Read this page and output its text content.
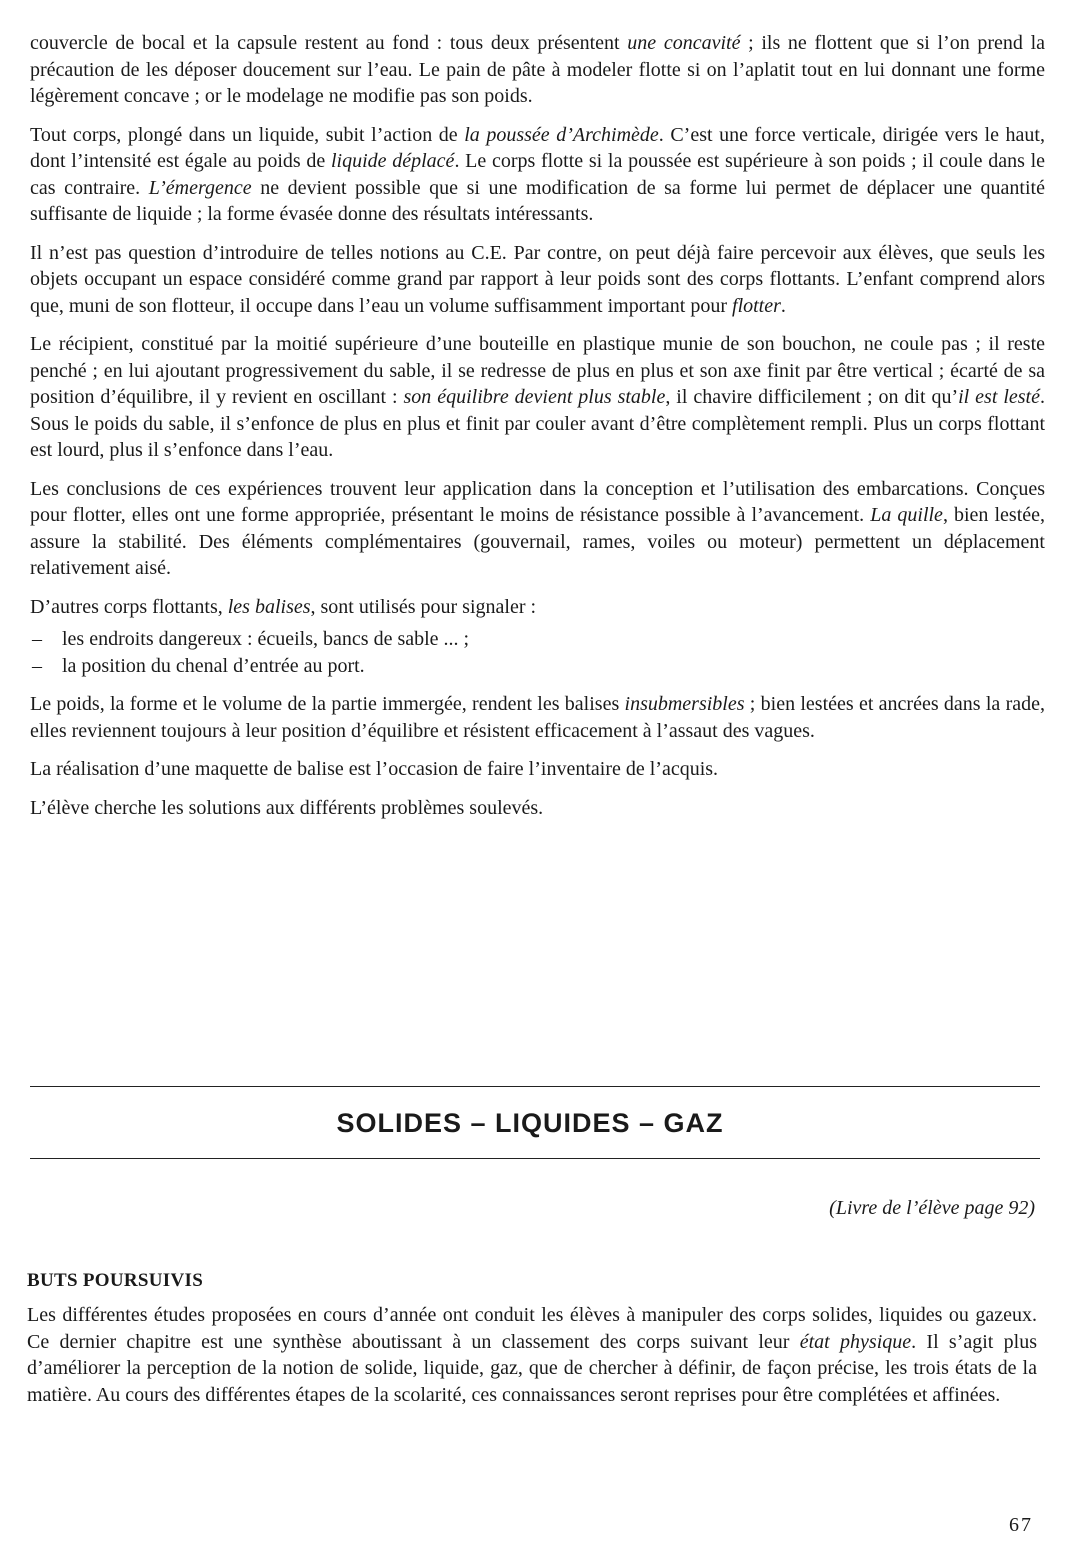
couvercle de bocal et la capsule restent au fond : tous deux présentent une concavité ; ils ne flottent que si l’on prend la précaution de les déposer doucement sur l’eau. Le pain de pâte à modeler flotte si on l’aplatit tout en lui donnant une forme légèrement concave ; or le modelage ne modifie pas son poids.

Tout corps, plongé dans un liquide, subit l’action de la poussée d’Archimède. C’est une force verticale, dirigée vers le haut, dont l’intensité est égale au poids de liquide déplacé. Le corps flotte si la poussée est supérieure à son poids ; il coule dans le cas contraire. L’émergence ne devient possible que si une modification de sa forme lui permet de déplacer une quantité suffisante de liquide ; la forme évasée donne des résultats intéressants.

Il n’est pas question d’introduire de telles notions au C.E. Par contre, on peut déjà faire percevoir aux élèves, que seuls les objets occupant un espace considéré comme grand par rapport à leur poids sont des corps flottants. L’enfant comprend alors que, muni de son flotteur, il occupe dans l’eau un volume suffisamment important pour flotter.

Le récipient, constitué par la moitié supérieure d’une bouteille en plastique munie de son bouchon, ne coule pas ; il reste penché ; en lui ajoutant progressivement du sable, il se redresse de plus en plus et son axe finit par être vertical ; écarté de sa position d’équilibre, il y revient en oscillant : son équilibre devient plus stable, il chavire difficilement ; on dit qu’il est lesté. Sous le poids du sable, il s’enfonce de plus en plus et finit par couler avant d’être complètement rempli. Plus un corps flottant est lourd, plus il s’enfonce dans l’eau.

Les conclusions de ces expériences trouvent leur application dans la conception et l’utilisation des embarcations. Conçues pour flotter, elles ont une forme appropriée, présentant le moins de résistance possible à l’avancement. La quille, bien lestée, assure la stabilité. Des éléments complémentaires (gouvernail, rames, voiles ou moteur) permettent un déplacement relativement aisé.

D’autres corps flottants, les balises, sont utilisés pour signaler :

– les endroits dangereux : écueils, bancs de sable ... ;
– la position du chenal d’entrée au port.

Le poids, la forme et le volume de la partie immergée, rendent les balises insubmersibles ; bien lestées et ancrées dans la rade, elles reviennent toujours à leur position d’équilibre et résistent efficacement à l’assaut des vagues.

La réalisation d’une maquette de balise est l’occasion de faire l’inventaire de l’acquis.

L’élève cherche les solutions aux différents problèmes soulevés.

SOLIDES – LIQUIDES – GAZ
(Livre de l’élève page 92)
BUTS POURSUIVIS

Les différentes études proposées en cours d’année ont conduit les élèves à manipuler des corps solides, liquides ou gazeux. Ce dernier chapitre est une synthèse aboutissant à un classement des corps suivant leur état physique. Il s’agit plus d’améliorer la perception de la notion de solide, liquide, gaz, que de chercher à définir, de façon précise, les trois états de la matière. Au cours des différentes étapes de la scolarité, ces connaissances seront reprises pour être complétées et affinées.

67
